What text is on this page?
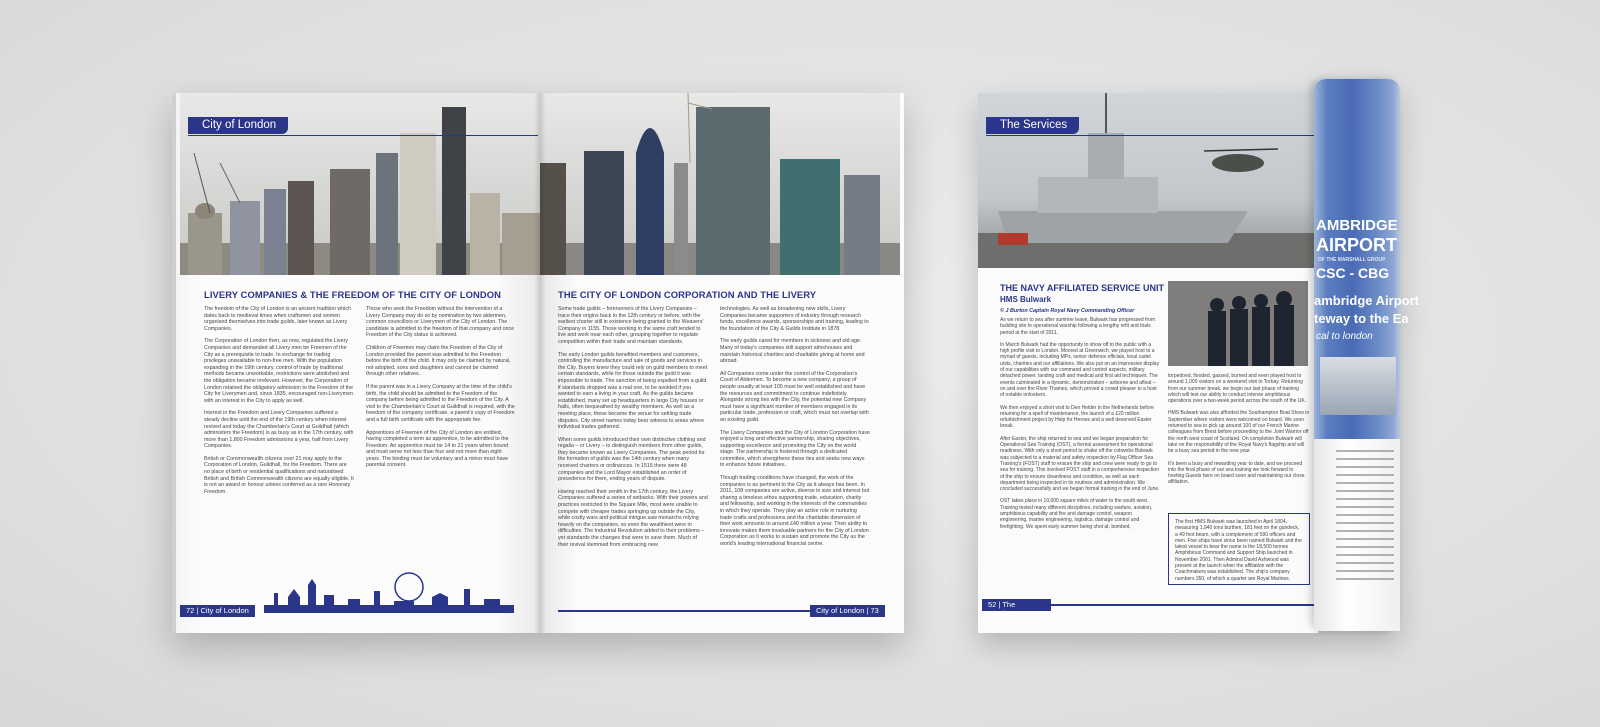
City of London
LIVERY COMPANIES & THE FREEDOM OF THE CITY OF LONDON

The freedom of the City of London is an ancient tradition which dates back to medieval times when craftsmen and women organised themselves into trade guilds, later known as Livery Companies.

The Corporation of London then, as now, regulated the Livery Companies and demanded all Livery men be Freemen of the City as a prerequisite to trade. In exchange for trading privileges unavailable to non-free men. With the population expanding in the 19th century, control of trade by traditional methods became unworkable, restrictions were abolished and the obligation became irrelevant. However, the Corporation of London retained the obligatory admission to the Freedom of the City for Liverymen and, since 1835, encouraged non-Liverymen with an interest in the City to apply as well.

Interest in the Freedom and Livery Companies suffered a steady decline until the end of the 19th century when interest revived and today the Chamberlain's Court at Guildhall (which administers the Freedom) is as busy as in the 17th century, with more than 1,800 Freedom admissions a year, half from Livery Companies.

British or Commonwealth citizens over 21 may apply to the Corporation of London, Guildhall, for the Freedom. There are no place of birth or residential qualifications and naturalised British and British Commonwealth citizens are equally eligible. It is not an award or honour unless conferred as a rare Honorary Freedom.

Those who seek the Freedom without the intervention of a Livery Company may do so by nomination by two aldermen, common councillors or Liverymen of the City of London. The candidate is admitted to the freedom of that company and once Freedom of the City status is achieved.

Children of Freemen may claim the Freedom of the City of London provided the parent was admitted to the Freedom before the birth of the child. It may only be claimed by natural, not adopted, sons and daughters and cannot be claimed through other relatives.

If the parent was in a Livery Company at the time of the child's birth, the child should be admitted to the Freedom of the company before being admitted to the Freedom of the City. A visit to the Chamberlain's Court at Guildhall is required, with the freedom of the company certificate, a parent's copy of Freedom and a full birth certificate with the appropriate fee.

Apprentices of Freemen of the City of London are entitled, having completed a term as apprentice, to be admitted to the Freedom. An apprentice must be 14 to 21 years when bound and must serve not less than four and not more than eight years. The binding must be voluntary and a minor must have parental consent.

72 | City of London
THE CITY OF LONDON CORPORATION AND THE LIVERY

Some trade guilds – forerunners of the Livery Companies – trace their origins back to the 12th century or before, with the earliest charter still in existence being granted to the Weavers' Company in 1155. Those working in the same craft tended to live and work near each other, grouping together to regulate competition within their trade and maintain standards.

The early London guilds benefited members and customers, controlling the manufacture and sale of goods and services in the City. Buyers knew they could rely on guild members to meet certain standards, while for those outside the guild it was impossible to trade. The sanction of being expelled from a guild if standards dropped was a real one, to be avoided if you wanted to earn a living in your craft. As the guilds became established, many set up headquarters in large City houses or halls, often bequeathed by wealthy members. As well as a meeting place, these became the venue for settling trade disputes. City street names today bear witness to areas where individual trades gathered.

When some guilds introduced their own distinctive clothing and regalia – or Livery – to distinguish members from other guilds, they became known as Livery Companies. The peak period for the formation of guilds was the 14th century when many received charters or ordinances. In 1515 there were 48 companies and the Lord Mayor established an order of precedence for them, ending years of dispute.

Having reached their zenith in the 17th century, the Livery Companies suffered a series of setbacks. With their powers and practices restricted to the Square Mile, most were unable to compete with cheaper trades springing up outside the City, while costly wars and political intrigue saw monarchs relying heavily on the companies, so even the wealthiest were in difficulties. The Industrial Revolution added to their problems – yet standards the changes that were to save them. Much of their revival stemmed from embracing new

technologies. As well as broadening new skills, Livery Companies became supporters of industry through research funds, excellence awards, sponsorships and training, leading to the foundation of the City & Guilds Institute in 1878.

The early guilds cared for members in sickness and old age. Many of today's companies still support almshouses and maintain historical charities and charitable giving at home and abroad.

All Companies come under the control of the Corporation's Court of Aldermen. To become a new company, a group of people usually at least 100 must be well established and have the resources and commitment to continue indefinitely. Alongside strong ties with the City, the potential new Company must have a significant number of members engaged in its particular trade, profession or craft, which must not overlap with an existing guild.

The Livery Companies and the City of London Corporation have enjoyed a long and effective partnership, sharing objectives, supporting excellence and promoting the City on the world stage. The partnership is fostered through a dedicated committee, which strengthens these ties and seeks new ways to enhance future initiatives.

Though trading conditions have changed, the work of the companies is as pertinent to the City as it always has been. In 2011, 108 companies are active, diverse in size and interest but sharing a timeless ethos supporting trade, education, charity and fellowship, and working in the interests of the communities in which they operate. They play an active role in nurturing trade crafts and professions and the charitable dimension of their work amounts to around £40 million a year. Their ability to innovate makes them invaluable partners for the City of London Corporation as it works to sustain and promote the City as the world's leading international financial centre.

City of London | 73
The Services
THE NAVY AFFILIATED SERVICE UNIT
HMS Bulwark
© J Burton Captain Royal Navy Commanding Officer

As we return to sea after summer leave, Bulwark has progressed from building site to operational warship following a lengthy refit and trials period at the start of 2011.

In March Bulwark had the opportunity to show off to the public with a high profile visit to London. Moored at Greenwich, we played host to a myriad of guests, including MPs, senior defence officials, local cadet units, charities and our affiliations. We also put on an impressive display of our capabilities with our command and control aspects, military detached power, landing craft and medical and first aid techniques. The events culminated in a dynamic, demonstration – airborne and afloat – on and over the River Thames, which proved a crowd pleaser to a host of notable onlookers.

We then enjoyed a short visit to Den Helder in the Netherlands before returning for a spell of maintenance, the launch of a £20 million refurbishment project by Help for Heroes and a well deserved Easter break.

After Easter, the ship returned to sea and we began preparation for Operational Sea Training (OST), a formal assessment for operational readiness. With only a short period to shake off the cobwebs Bulwark was subjected to a material and safety inspection by Flag Officer Sea Training's (FOST) staff to ensure the ship and crew were ready to go to sea for training. This involved FOST staff in a comprehensive inspection of the ship to ensure cleanliness and condition, as well as each department being inspected in its routines and administration. We concluded successfully and we began formal training in the end of June.

OST takes place in 10,000 square miles of water to the south west. Training tested many different disciplines, including warfare, aviation, amphibious capability and fire and damage control, weapon engineering, marine engineering, logistics, damage control and firefighting. We spent early summer being shot at, bombed,

torpedoed, flooded, gassed, burned and even played host to around 1,000 visitors on a weekend visit to Torbay. Returning from our summer break, we begin our last phase of training which will test our ability to conduct intense amphibious operations over a two-week period across the south of the UK.

HMS Bulwark was also afforded the Southampton Boat Show in September where visitors were welcomed on board. We soon returned to sea to pick up around 100 of our French Marine colleagues from Brest before proceeding to the Joint Warrior off the north west coast of Scotland. On completion Bulwark will take on the responsibility of the Royal Navy's flagship and will be a busy sea period in the new year.

It's been a busy and rewarding year to date, and we proceed into the final phase of our sea training we look forward to hosting Guests here on board soon and maintaining our close affiliation.

The first HMS Bulwark was launched in April 1804, measuring 1,940 tons burthen, 181 feet on the gundeck, a 49 foot beam, with a complement of 590 officers and men. Five ships have since been named Bulwark and the latest vessel to bear the name is the 18,500 tonnes Amphibious Command and Support Ship launched in November 2001. Then Admiral David Ashwood was present at the launch when the affiliation with the Coachmakers was established. The ship's company numbers 350, of which a quarter are Royal Marines.

52 | The Services
AMBRIDGE
AIRPORT
OF THE MARSHALL GROUP
CSC - CBG
ambridge Airport
teway to the Ea
cal to london
